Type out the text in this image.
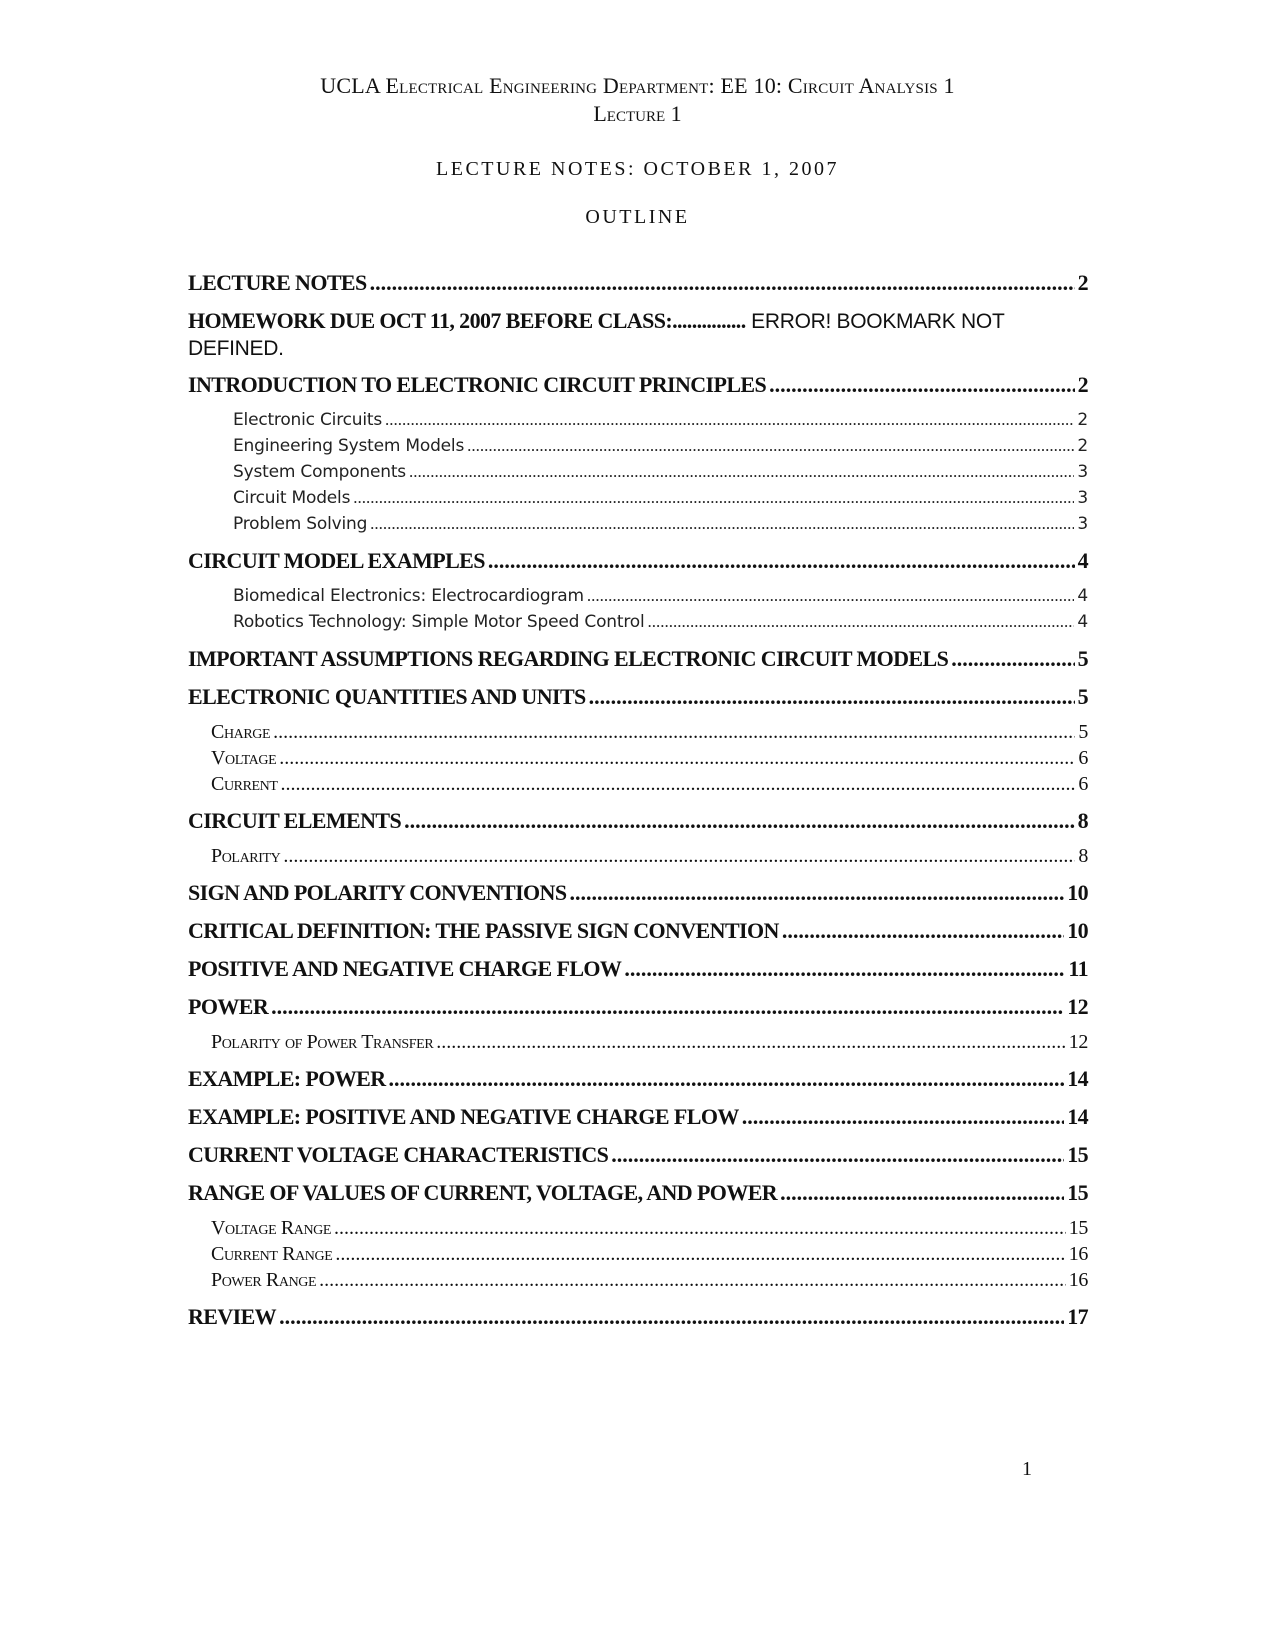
UCLA Electrical Engineering Department: EE 10: Circuit Analysis 1
Lecture 1
LECTURE NOTES: OCTOBER 1, 2007
OUTLINE
LECTURE NOTES .....	2
HOMEWORK DUE OCT 11, 2007 BEFORE CLASS:............... ERROR! BOOKMARK NOT DEFINED.
INTRODUCTION TO ELECTRONIC CIRCUIT PRINCIPLES .....	2
Electronic Circuits .....	2
Engineering System Models .....	2
System Components .....	3
Circuit Models .....	3
Problem Solving .....	3
CIRCUIT MODEL EXAMPLES .....	4
Biomedical Electronics: Electrocardiogram .....	4
Robotics Technology: Simple Motor Speed Control .....	4
IMPORTANT ASSUMPTIONS REGARDING ELECTRONIC CIRCUIT MODELS .....	5
ELECTRONIC QUANTITIES AND UNITS .....	5
Charge .....	5
Voltage .....	6
Current .....	6
CIRCUIT ELEMENTS .....	8
Polarity .....	8
SIGN AND POLARITY CONVENTIONS .....	10
CRITICAL DEFINITION: THE PASSIVE SIGN CONVENTION .....	10
POSITIVE AND NEGATIVE CHARGE FLOW .....	11
POWER .....	12
Polarity of Power Transfer .....	12
EXAMPLE: POWER .....	14
EXAMPLE: POSITIVE AND NEGATIVE CHARGE FLOW .....	14
CURRENT VOLTAGE CHARACTERISTICS .....	15
RANGE OF VALUES OF CURRENT, VOLTAGE, AND POWER .....	15
Voltage Range .....	15
Current Range .....	16
Power Range .....	16
REVIEW .....	17
1
